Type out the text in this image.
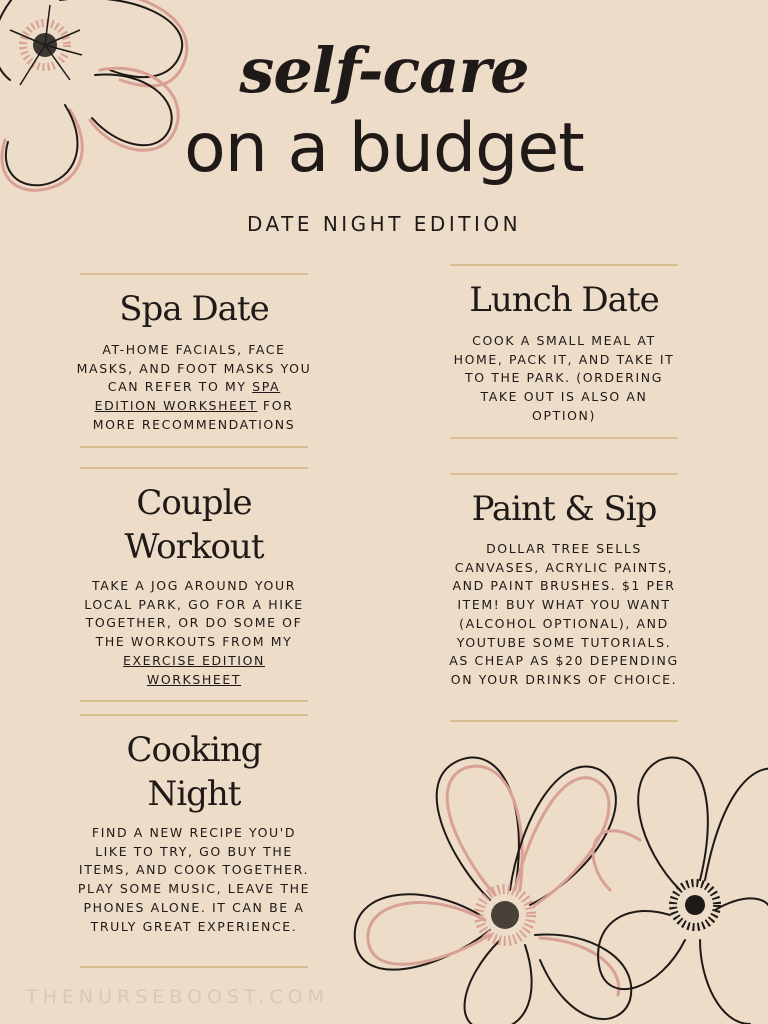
self-care
on a budget
DATE NIGHT EDITION
Spa Date
AT-HOME FACIALS, FACE MASKS, AND FOOT MASKS YOU CAN REFER TO MY SPA EDITION WORKSHEET FOR MORE RECOMMENDATIONS
Lunch Date
COOK A SMALL MEAL AT HOME, PACK IT, AND TAKE IT TO THE PARK. (ORDERING TAKE OUT IS ALSO AN OPTION)
Couple
Workout
TAKE A JOG AROUND YOUR LOCAL PARK, GO FOR A HIKE TOGETHER, OR DO SOME OF THE WORKOUTS FROM MY EXERCISE EDITION WORKSHEET
Paint & Sip
DOLLAR TREE SELLS CANVASES, ACRYLIC PAINTS, AND PAINT BRUSHES. $1 PER ITEM! BUY WHAT YOU WANT (ALCOHOL OPTIONAL), AND YOUTUBE SOME TUTORIALS. AS CHEAP AS $20 DEPENDING ON YOUR DRINKS OF CHOICE.
Cooking
Night
FIND A NEW RECIPE YOU'D LIKE TO TRY, GO BUY THE ITEMS, AND COOK TOGETHER. PLAY SOME MUSIC, LEAVE THE PHONES ALONE. IT CAN BE A TRULY GREAT EXPERIENCE.
THENURSEBOOST.COM
